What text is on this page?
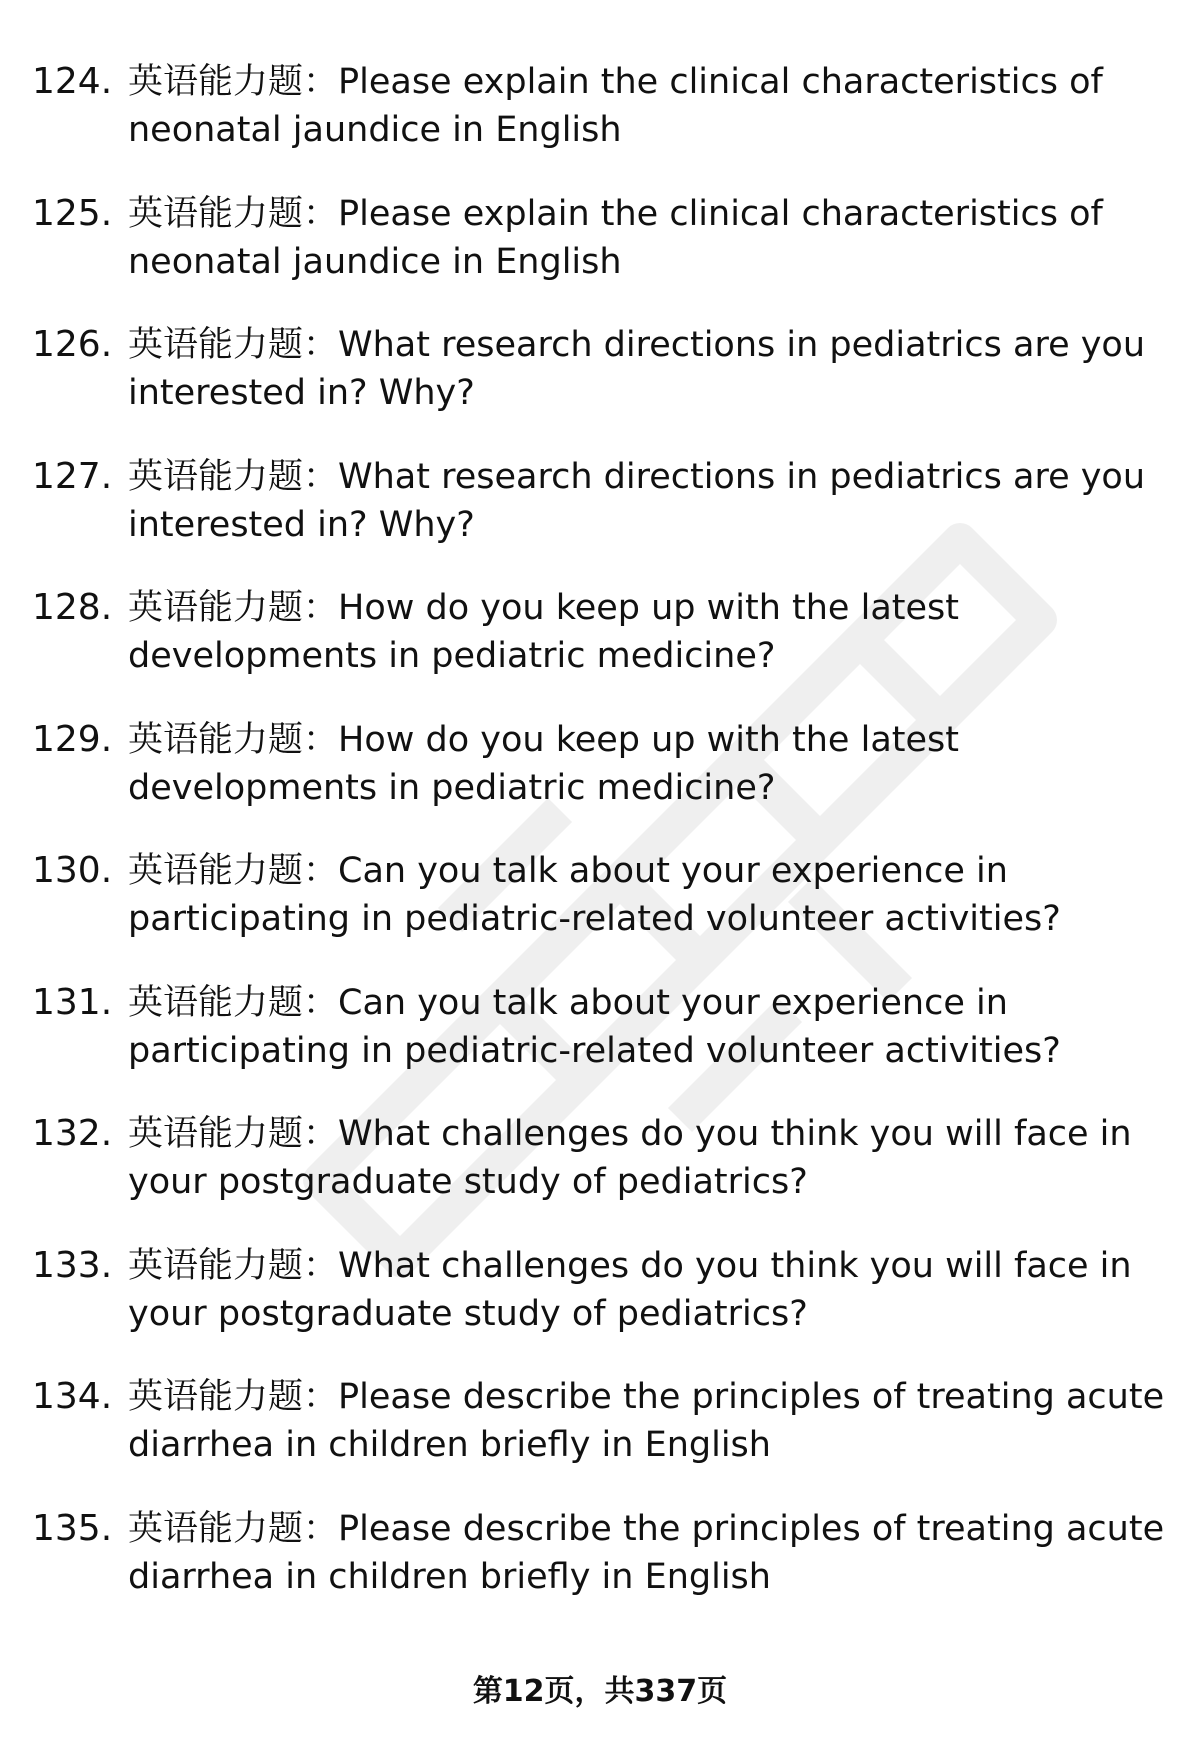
124. 英语能力题：Please explain the clinical characteristics of neonatal jaundice in English
125. 英语能力题：Please explain the clinical characteristics of neonatal jaundice in English
126. 英语能力题：What research directions in pediatrics are you interested in? Why?
127. 英语能力题：What research directions in pediatrics are you interested in? Why?
128. 英语能力题：How do you keep up with the latest developments in pediatric medicine?
129. 英语能力题：How do you keep up with the latest developments in pediatric medicine?
130. 英语能力题：Can you talk about your experience in participating in pediatric-related volunteer activities?
131. 英语能力题：Can you talk about your experience in participating in pediatric-related volunteer activities?
132. 英语能力题：What challenges do you think you will face in your postgraduate study of pediatrics?
133. 英语能力题：What challenges do you think you will face in your postgraduate study of pediatrics?
134. 英语能力题：Please describe the principles of treating acute diarrhea in children briefly in English
135. 英语能力题：Please describe the principles of treating acute diarrhea in children briefly in English
第12页，共337页
